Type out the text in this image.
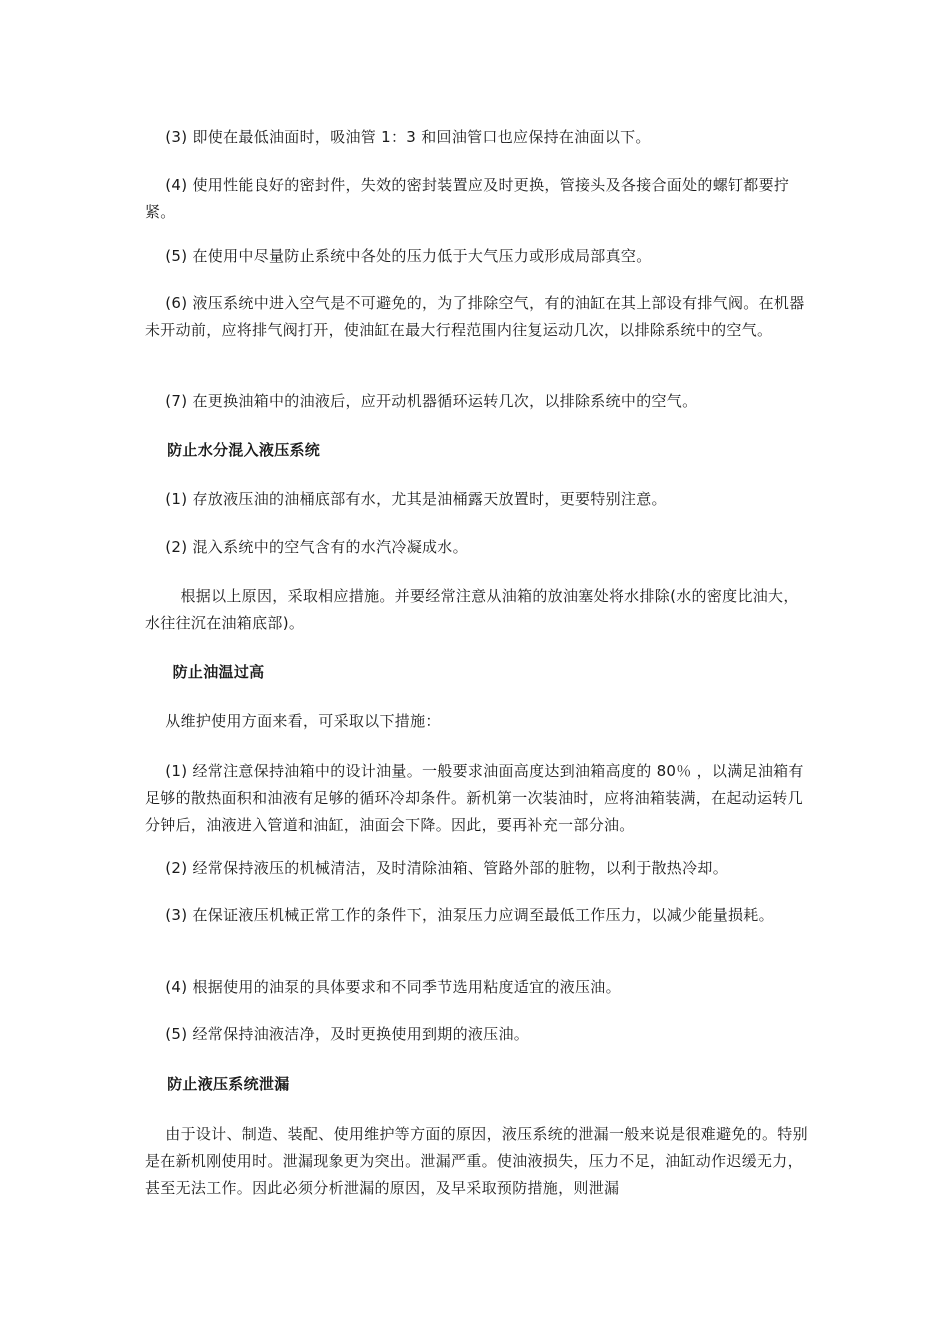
(3) 即使在最低油面时，吸油管 1：3 和回油管口也应保持在油面以下。

(4) 使用性能良好的密封件，失效的密封装置应及时更换，管接头及各接合面处的螺钉都要拧紧。

(5) 在使用中尽量防止系统中各处的压力低于大气压力或形成局部真空。

(6) 液压系统中进入空气是不可避免的，为了排除空气，有的油缸在其上部设有排气阀。在机器未开动前，应将排气阀打开，使油缸在最大行程范围内往复运动几次，以排除系统中的空气。

(7) 在更换油箱中的油液后，应开动机器循环运转几次，以排除系统中的空气。

防止水分混入液压系统

(1) 存放液压油的油桶底部有水，尤其是油桶露天放置时，更要特别注意。

(2) 混入系统中的空气含有的水汽冷凝成水。

根据以上原因，采取相应措施。并要经常注意从油箱的放油塞处将水排除(水的密度比油大，水往往沉在油箱底部)。

防止油温过高

从维护使用方面来看，可采取以下措施：

(1) 经常注意保持油箱中的设计油量。一般要求油面高度达到油箱高度的 80％ ，以满足油箱有足够的散热面积和油液有足够的循环冷却条件。新机第一次装油时，应将油箱装满，在起动运转几分钟后，油液进入管道和油缸，油面会下降。因此，要再补充一部分油。

(2) 经常保持液压的机械清洁，及时清除油箱、管路外部的脏物，以利于散热冷却。

(3) 在保证液压机械正常工作的条件下，油泵压力应调至最低工作压力，以减少能量损耗。

(4) 根据使用的油泵的具体要求和不同季节选用粘度适宜的液压油。

(5) 经常保持油液洁净，及时更换使用到期的液压油。

防止液压系统泄漏

由于设计、制造、装配、使用维护等方面的原因，液压系统的泄漏一般来说是很难避免的。特别是在新机刚使用时。泄漏现象更为突出。泄漏严重。使油液损失，压力不足，油缸动作迟缓无力，甚至无法工作。因此必须分析泄漏的原因，及早采取预防措施，则泄漏
